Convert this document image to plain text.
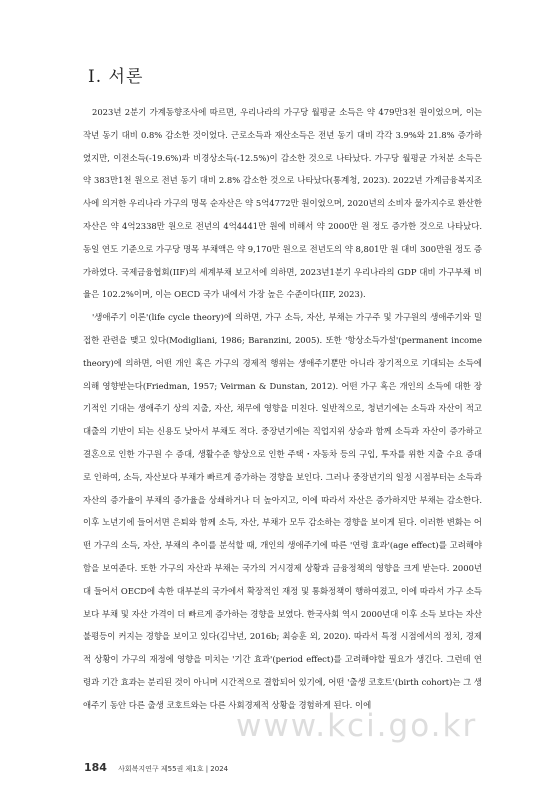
Ⅰ. 서론

2023년 2분기 가계동향조사에 따르면, 우리나라의 가구당 월평균 소득은 약 479만3천 원이었으며, 이는 작년 동기 대비 0.8% 감소한 것이었다. 근로소득과 재산소득은 전년 동기 대비 각각 3.9%와 21.8% 증가하였지만, 이전소득(-19.6%)과 비경상소득(-12.5%)이 감소한 것으로 나타났다. 가구당 월평균 가처분 소득은 약 383만1천 원으로 전년 동기 대비 2.8% 감소한 것으로 나타났다(통계청, 2023). 2022년 가계금융복지조사에 의거한 우리나라 가구의 명목 순자산은 약 5억4772만 원이었으며, 2020년의 소비자 물가지수로 환산한 자산은 약 4억2338만 원으로 전년의 4억4441만 원에 비해서 약 2000만 원 정도 증가한 것으로 나타났다. 동일 연도 기준으로 가구당 명목 부채액은 약 9,170만 원으로 전년도의 약 8,801만 원 대비 300만원 정도 증가하였다. 국제금융협회(IIF)의 세계부채 보고서에 의하면, 2023년1분기 우리나라의 GDP 대비 가구부채 비율은 102.2%이며, 이는 OECD 국가 내에서 가장 높은 수준이다(IIF, 2023).

'생애주기 이론'(life cycle theory)에 의하면, 가구 소득, 자산, 부채는 가구주 및 가구원의 생애주기와 밀접한 관련을 맺고 있다(Modigliani, 1986; Baranzini, 2005). 또한 '항상소득가설'(permanent income theory)에 의하면, 어떤 개인 혹은 가구의 경제적 행위는 생애주기뿐만 아니라 장기적으로 기대되는 소득에 의해 영향받는다(Friedman, 1957; Veirman & Dunstan, 2012). 어떤 가구 혹은 개인의 소득에 대한 장기적인 기대는 생애주기 상의 지출, 자산, 채무에 영향을 미친다. 일반적으로, 청년기에는 소득과 자산이 적고 대출의 기반이 되는 신용도 낮아서 부채도 적다. 중장년기에는 직업지위 상승과 함께 소득과 자산이 증가하고 결혼으로 인한 가구원 수 증대, 생활수준 향상으로 인한 주택・자동차 등의 구입, 투자를 위한 지출 수요 증대로 인하여, 소득, 자산보다 부채가 빠르게 증가하는 경향을 보인다. 그러나 중장년기의 일정 시점부터는 소득과 자산의 증가율이 부채의 증가율을 상쇄하거나 더 높아지고, 이에 따라서 자산은 증가하지만 부채는 감소한다. 이후 노년기에 들어서면 은퇴와 함께 소득, 자산, 부채가 모두 감소하는 경향을 보이게 된다. 이러한 변화는 어떤 가구의 소득, 자산, 부채의 추이를 분석할 때, 개인의 생애주기에 따른 '연령 효과'(age effect)를 고려해야 함을 보여준다. 또한 가구의 자산과 부채는 국가의 거시경제 상황과 금융정책의 영향을 크게 받는다. 2000년대 들어서 OECD에 속한 대부분의 국가에서 확장적인 재정 및 통화정책이 행하여졌고, 이에 따라서 가구 소득보다 부채 및 자산 가격이 더 빠르게 증가하는 경향을 보였다. 한국사회 역시 2000년대 이후 소득 보다는 자산 불평등이 커지는 경향을 보이고 있다(김낙년, 2016b; 최승훈 외, 2020). 따라서 특정 시점에서의 정치, 경제적 상황이 가구의 재정에 영향을 미치는 '기간 효과'(period effect)를 고려해야할 필요가 생긴다. 그런데 연령과 기간 효과는 분리된 것이 아니며 시간적으로 결합되어 있기에, 어떤 '출생 코호트'(birth cohort)는 그 생애주기 동안 다른 출생 코호트와는 다른 사회경제적 상황을 경험하게 된다. 이에

www.kci.go.kr
184 사회복지연구 제55권 제1호 | 2024
